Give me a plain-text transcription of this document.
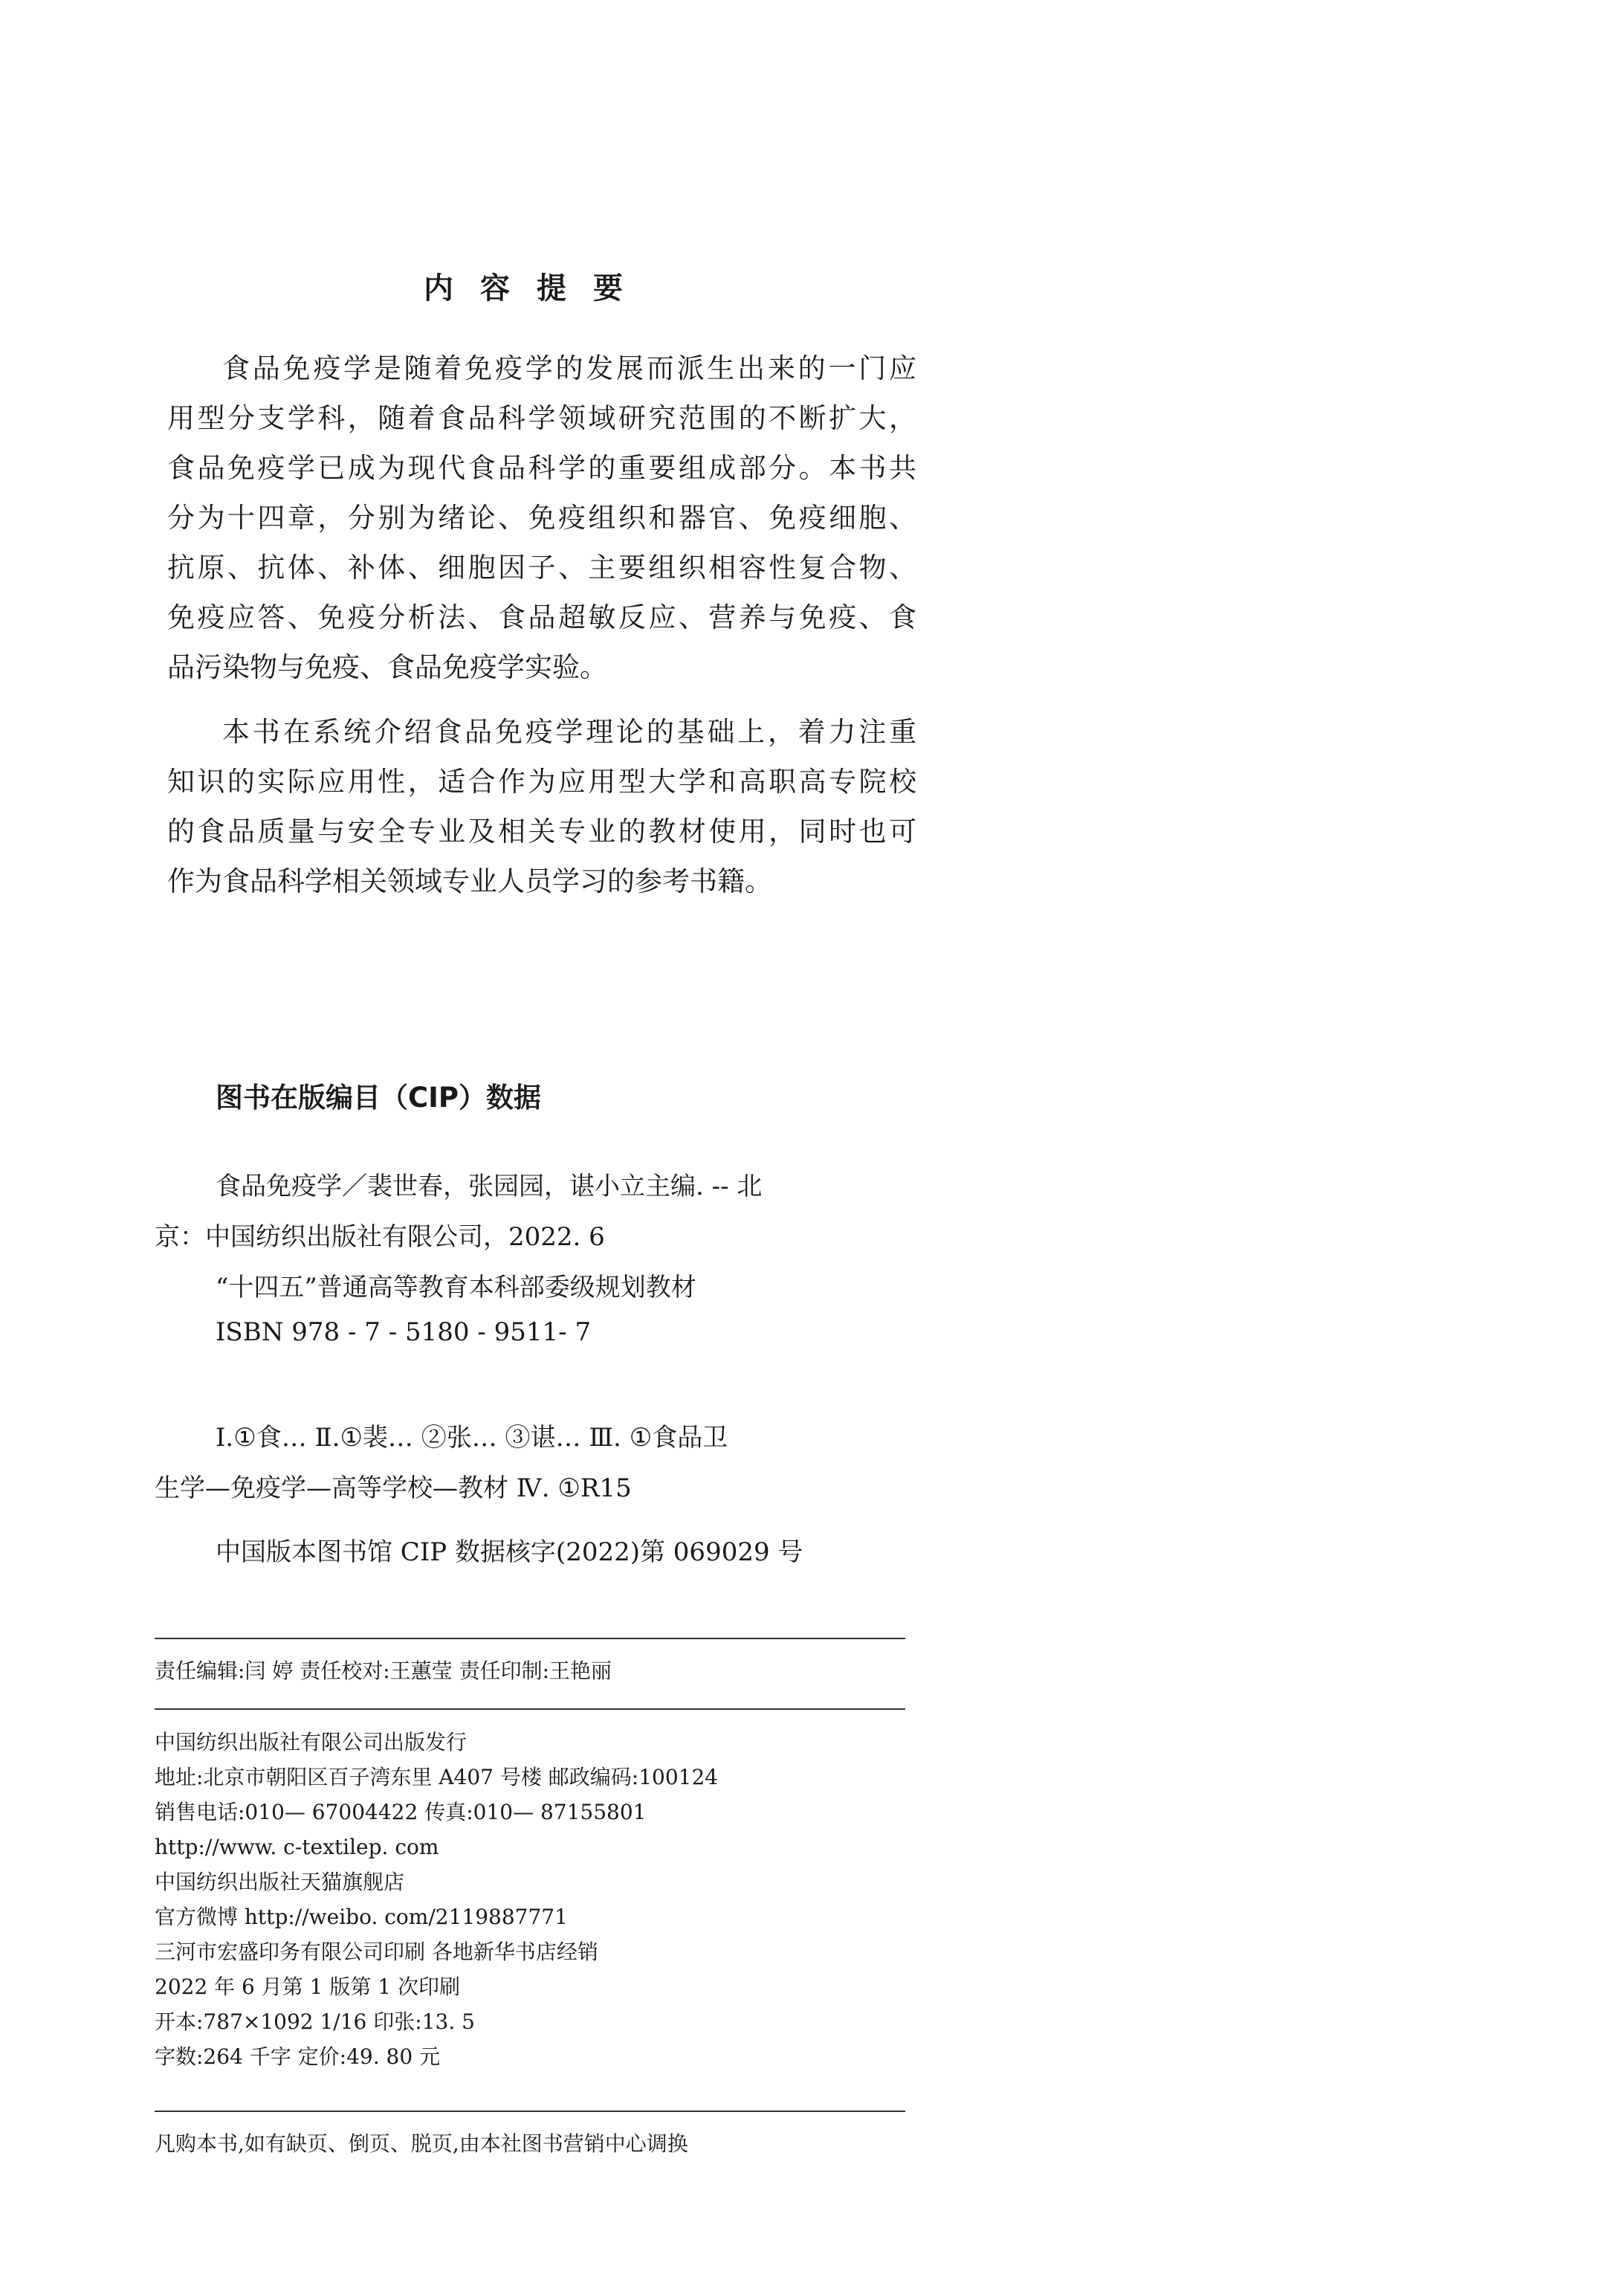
内容提要
食品免疫学是随着免疫学的发展而派生出来的一门应
用型分支学科，随着食品科学领域研究范围的不断扩大，
食品免疫学已成为现代食品科学的重要组成部分。本书共
分为十四章，分别为绪论、免疫组织和器官、免疫细胞、
抗原、抗体、补体、细胞因子、主要组织相容性复合物、
免疫应答、免疫分析法、食品超敏反应、营养与免疫、食
品污染物与免疫、食品免疫学实验。
本书在系统介绍食品免疫学理论的基础上，着力注重
知识的实际应用性，适合作为应用型大学和高职高专院校
的食品质量与安全专业及相关专业的教材使用，同时也可
作为食品科学相关领域专业人员学习的参考书籍。
图书在版编目（CIP）数据
食品免疫学／裴世春，张园园，谌小立主编. -- 北
京：中国纺织出版社有限公司，2022. 6
“十四五”普通高等教育本科部委级规划教材
ISBN 978 - 7 - 5180 - 9511- 7
Ⅰ.①食… Ⅱ.①裴… ②张… ③谌… Ⅲ. ①食品卫
生学—免疫学—高等学校—教材 Ⅳ. ①R15
中国版本图书馆 CIP 数据核字(2022)第 069029 号
责任编辑:闫 婷 责任校对:王蕙莹 责任印制:王艳丽
中国纺织出版社有限公司出版发行
地址:北京市朝阳区百子湾东里 A407 号楼 邮政编码:100124
销售电话:010— 67004422 传真:010— 87155801
http://www. c-textilep. com
中国纺织出版社天猫旗舰店
官方微博 http://weibo. com/2119887771
三河市宏盛印务有限公司印刷 各地新华书店经销
2022 年 6 月第 1 版第 1 次印刷
开本:787×1092 1/16 印张:13. 5
字数:264 千字 定价:49. 80 元
凡购本书,如有缺页、倒页、脱页,由本社图书营销中心调换
